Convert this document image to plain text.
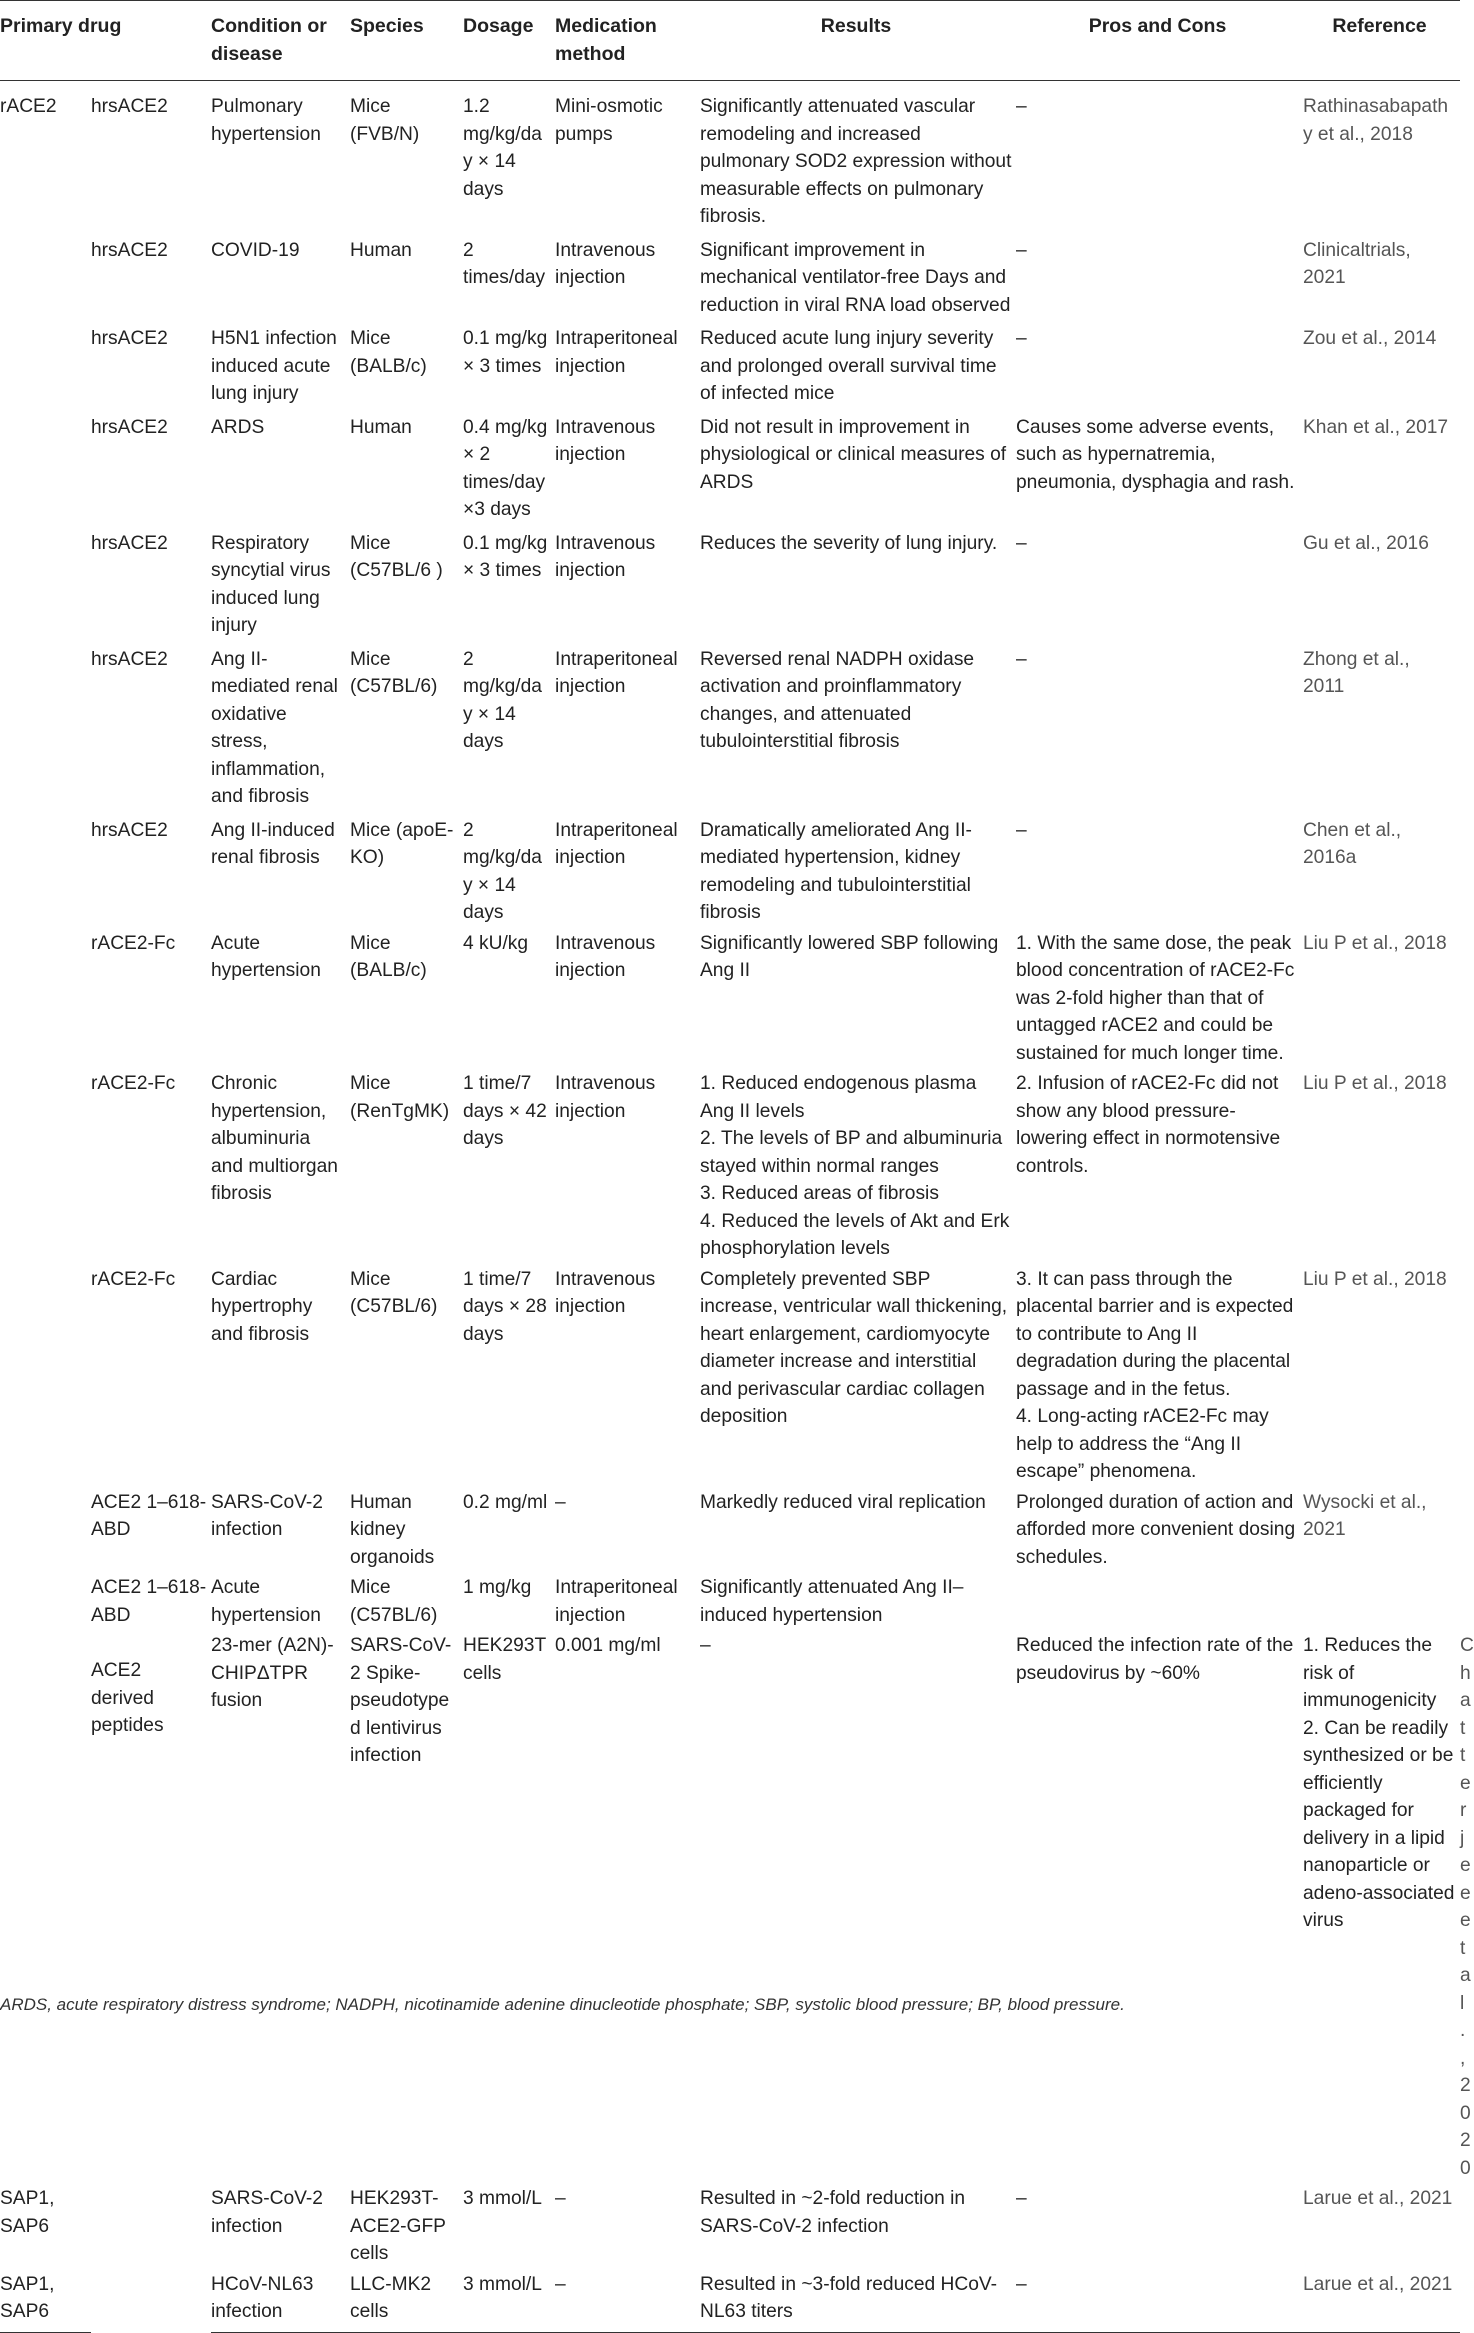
Primary drug		Condition or disease	Species	Dosage	Medication method	Results	Pros and Cons	Reference	
rACE2	hrsACE2	Pulmonary hypertension	Mice (FVB/N)	1.2 mg/kg/day × 14 days	Mini-osmotic pumps	Significantly attenuated vascular remodeling and increased pulmonary SOD2 expression without measurable effects on pulmonary fibrosis.	–	Rathinasabapathy et al., 2018	
	hrsACE2	COVID-19	Human	2 times/day	Intravenous injection	Significant improvement in mechanical ventilator-free Days and reduction in viral RNA load observed	–	Clinicaltrials, 2021	
	hrsACE2	H5N1 infection induced acute lung injury	Mice (BALB/c)	0.1 mg/kg × 3 times	Intraperitoneal injection	Reduced acute lung injury severity and prolonged overall survival time of infected mice	–	Zou et al., 2014	
	hrsACE2	ARDS	Human	0.4 mg/kg × 2 times/day ×3 days	Intravenous injection	Did not result in improvement in physiological or clinical measures of ARDS	Causes some adverse events, such as hypernatremia, pneumonia, dysphagia and rash.	Khan et al., 2017	
	hrsACE2	Respiratory syncytial virus induced lung injury	Mice (C57BL/6 )	0.1 mg/kg × 3 times	Intravenous injection	Reduces the severity of lung injury.	–	Gu et al., 2016	
	hrsACE2	Ang II-mediated renal oxidative stress, inflammation, and fibrosis	Mice (C57BL/6)	2 mg/kg/day × 14 days	Intraperitoneal injection	Reversed renal NADPH oxidase activation and proinflammatory changes, and attenuated tubulointerstitial fibrosis	–	Zhong et al., 2011	
	hrsACE2	Ang II-induced renal fibrosis	Mice (apoE-KO)	2 mg/kg/day × 14 days	Intraperitoneal injection	Dramatically ameliorated Ang II-mediated hypertension, kidney remodeling and tubulointerstitial fibrosis	–	Chen et al., 2016a	
	rACE2-Fc	Acute hypertension	Mice (BALB/c)	4 kU/kg	Intravenous injection	Significantly lowered SBP following Ang II	1. With the same dose, the peak blood concentration of rACE2-Fc was 2-fold higher than that of untagged rACE2 and could be sustained for much longer time.	Liu P et al., 2018	
	rACE2-Fc	Chronic hypertension, albuminuria and multiorgan fibrosis	Mice (RenTgMK)	1 time/7 days × 42 days	Intravenous injection	1. Reduced endogenous plasma Ang II levels
2. The levels of BP and albuminuria stayed within normal ranges
3. Reduced areas of fibrosis
4. Reduced the levels of Akt and Erk phosphorylation levels	2. Infusion of rACE2-Fc did not show any blood pressure-lowering effect in normotensive controls.	Liu P et al., 2018	
	rACE2-Fc	Cardiac hypertrophy and fibrosis	Mice (C57BL/6)	1 time/7 days × 28 days	Intravenous injection	Completely prevented SBP increase, ventricular wall thickening, heart enlargement, cardiomyocyte diameter increase and interstitial and perivascular cardiac collagen deposition	3. It can pass through the placental barrier and is expected to contribute to Ang II degradation during the placental passage and in the fetus.
4. Long-acting rACE2-Fc may help to address the “Ang II escape” phenomena.	Liu P et al., 2018	
	ACE2 1–618-ABD	SARS-CoV-2 infection	Human kidney organoids	0.2 mg/ml	–	Markedly reduced viral replication	Prolonged duration of action and afforded more convenient dosing schedules.	Wysocki et al., 2021	
	ACE2 1–618-ABD	Acute hypertension	Mice (C57BL/6)	1 mg/kg	Intraperitoneal injection	Significantly attenuated Ang II–induced hypertension			
	ACE2 derived peptides	23-mer (A2N)-CHIPΔTPR fusion	SARS-CoV-2 Spike-pseudotyped lentivirus infection	HEK293T cells	0.001 mg/ml	–	Reduced the infection rate of the pseudovirus by ~60%	1. Reduces the risk of immunogenicity
2. Can be readily synthesized or be efficiently packaged for delivery in a lipid nanoparticle or adeno-associated virus	Chatterjee et al., 2020
SAP1, SAP6		SARS-CoV-2 infection	HEK293T-ACE2-GFP cells	3 mmol/L	–	Resulted in ~2-fold reduction in SARS-CoV-2 infection	–	Larue et al., 2021	
SAP1, SAP6		HCoV-NL63 infection	LLC-MK2 cells	3 mmol/L	–	Resulted in ~3-fold reduced HCoV-NL63 titers	–	Larue et al., 2021	
ARDS, acute respiratory distress syndrome; NADPH, nicotinamide adenine dinucleotide phosphate; SBP, systolic blood pressure; BP, blood pressure.
